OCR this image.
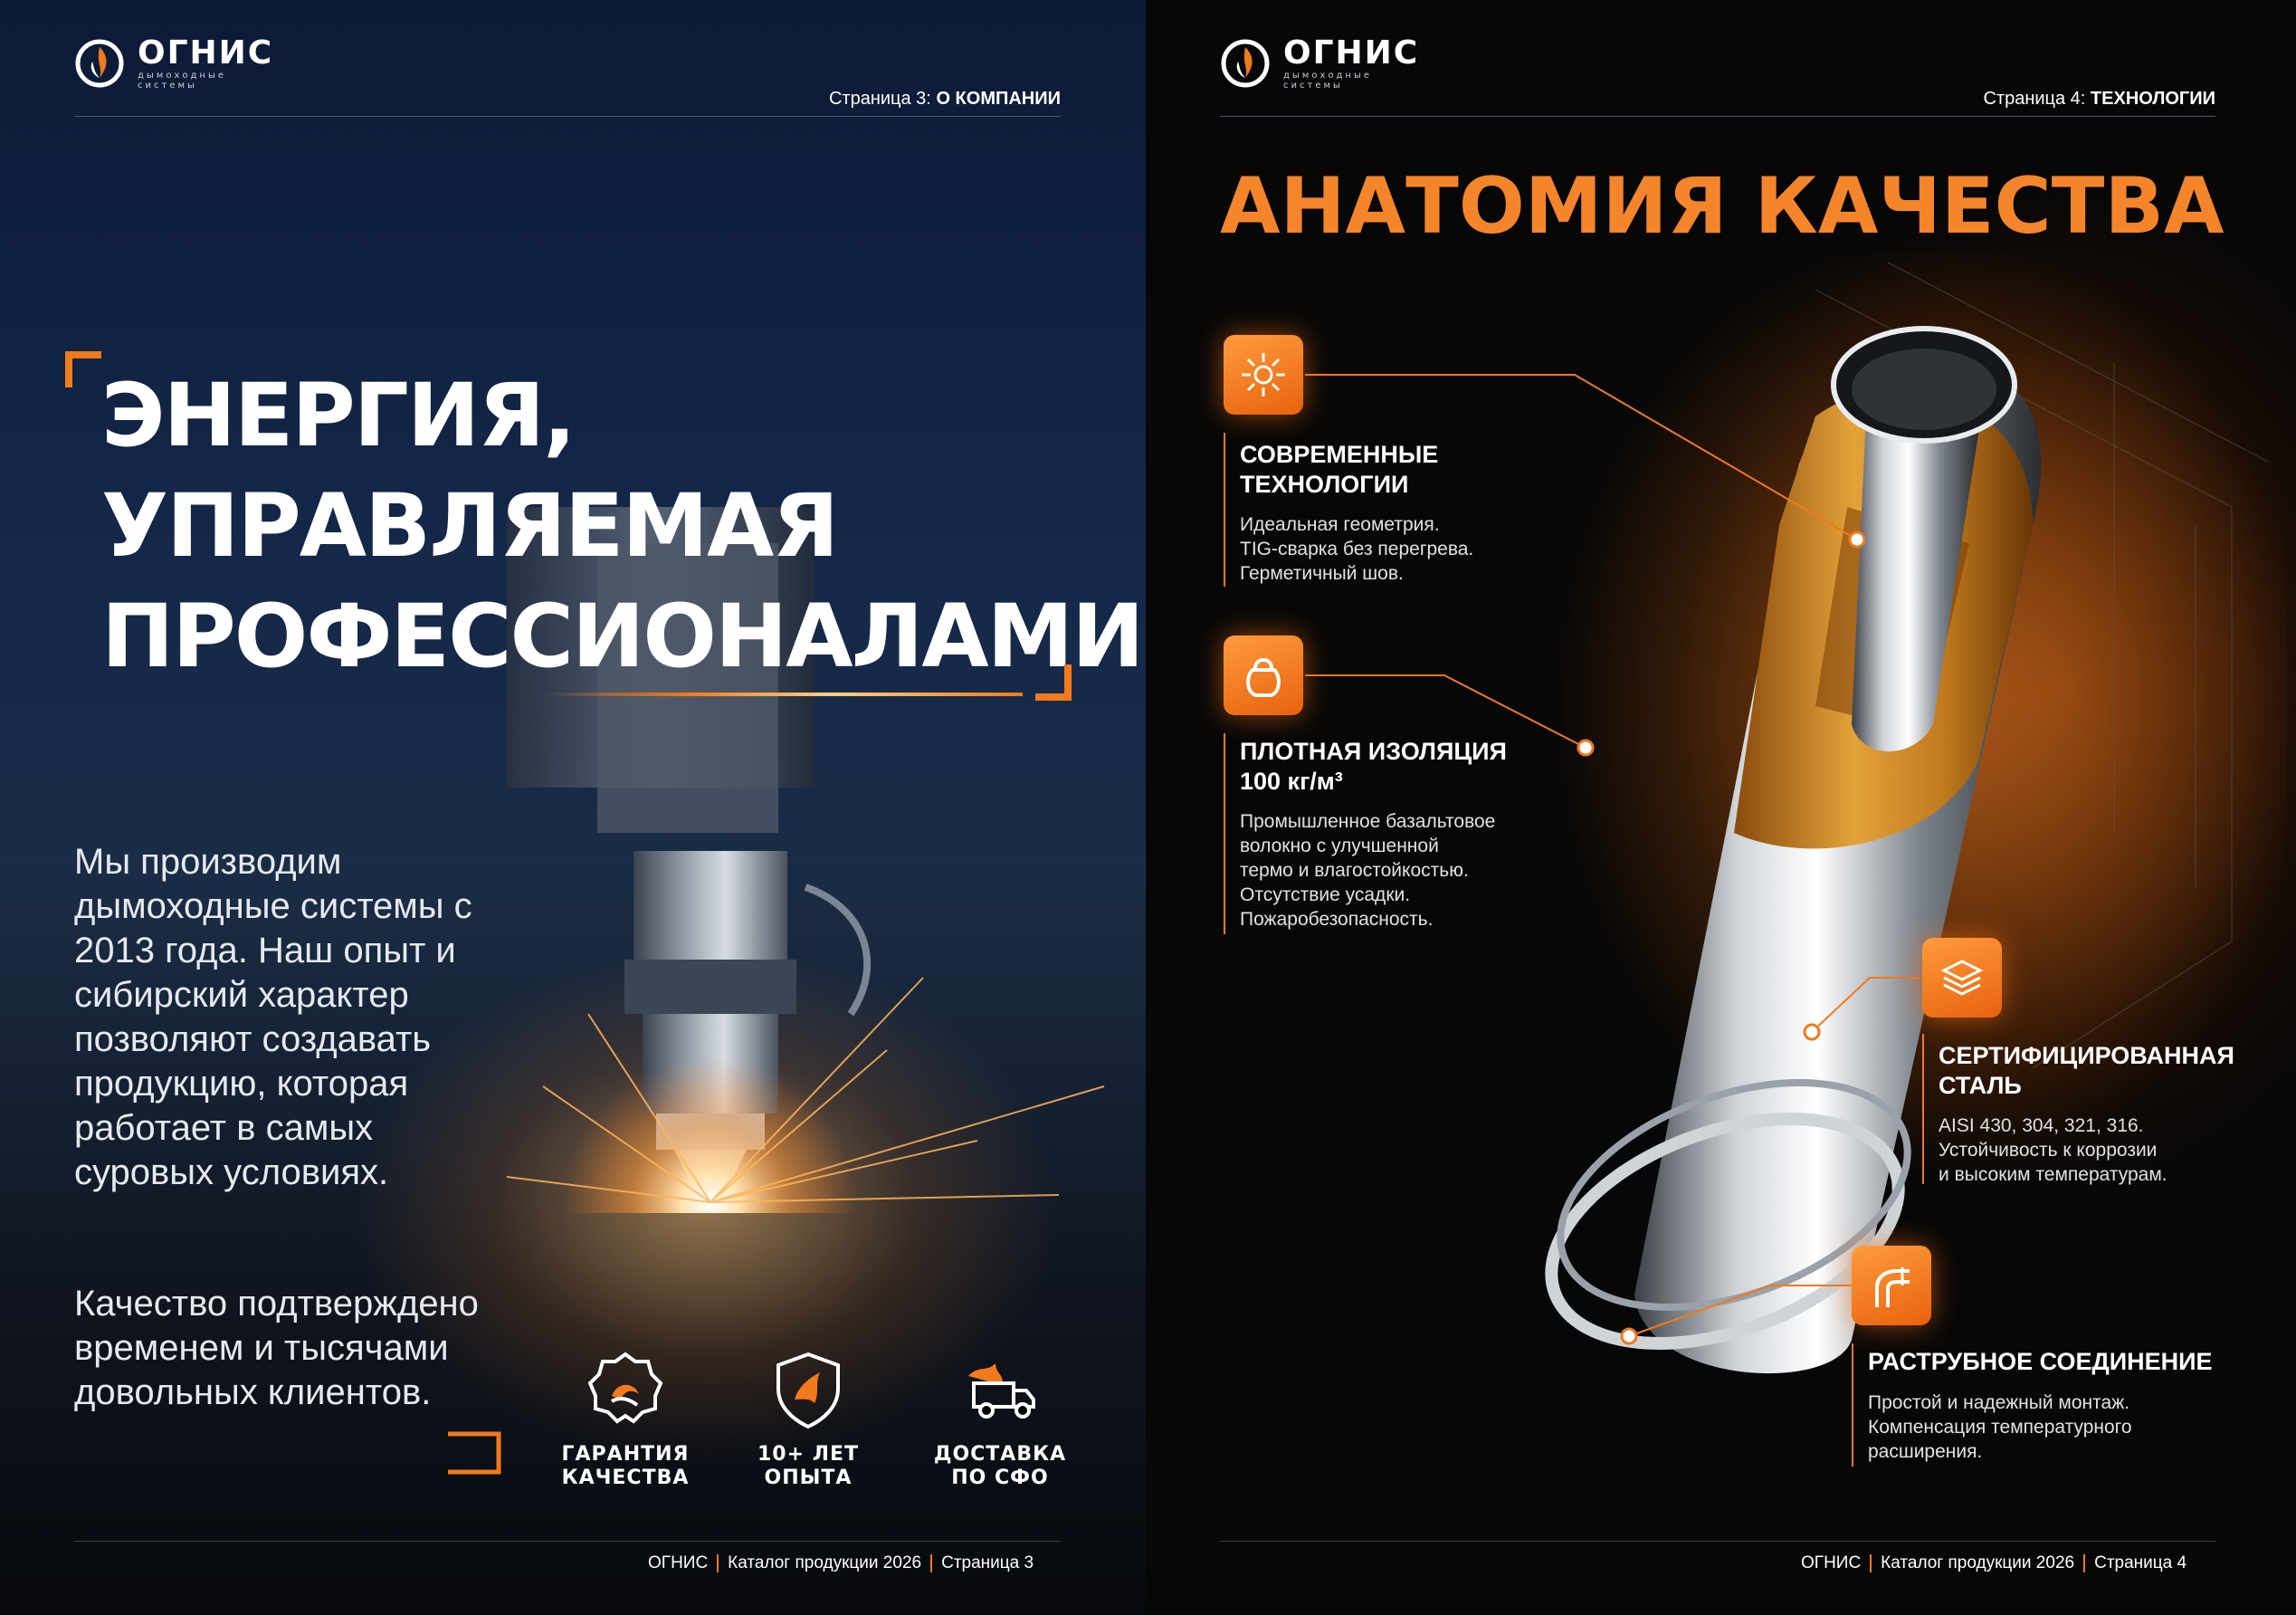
ОГНИС
дымоходные системы
Страница 3: О КОМПАНИИ
ЭНЕРГИЯ,
УПРАВЛЯЕМАЯ
ПРОФЕССИОНАЛАМИ

Мы производим дымоходные системы с 2013 года. Наш опыт и сибирский характер позволяют создавать продукцию, которая работает в самых суровых условиях.

Качество подтверждено временем и тысячами довольных клиентов.

ГАРАНТИЯ
КАЧЕСТВА
10+ ЛЕТ
ОПЫТА
ДОСТАВКА
ПО СФО
ОГНИС Каталог продукции 2026 Страница 3
ОГНИС
дымоходные системы
Страница 4: ТЕХНОЛОГИИ
АНАТОМИЯ КАЧЕСТВА
СОВРЕМЕННЫЕ
ТЕХНОЛОГИИ
Идеальная геометрия.
TIG-сварка без перегрева.
Герметичный шов.
ПЛОТНАЯ ИЗОЛЯЦИЯ
100 кг/м³
Промышленное базальтовое
волокно с улучшенной
термо и влагостойкостью.
Отсутствие усадки.
Пожаробезопасность.
СЕРТИФИЦИРОВАННАЯ
СТАЛЬ
AISI 430, 304, 321, 316.
Устойчивость к коррозии
и высоким температурам.
РАСТРУБНОЕ СОЕДИНЕНИЕ
Простой и надежный монтаж.
Компенсация температурного
расширения.
ОГНИС Каталог продукции 2026 Страница 4
